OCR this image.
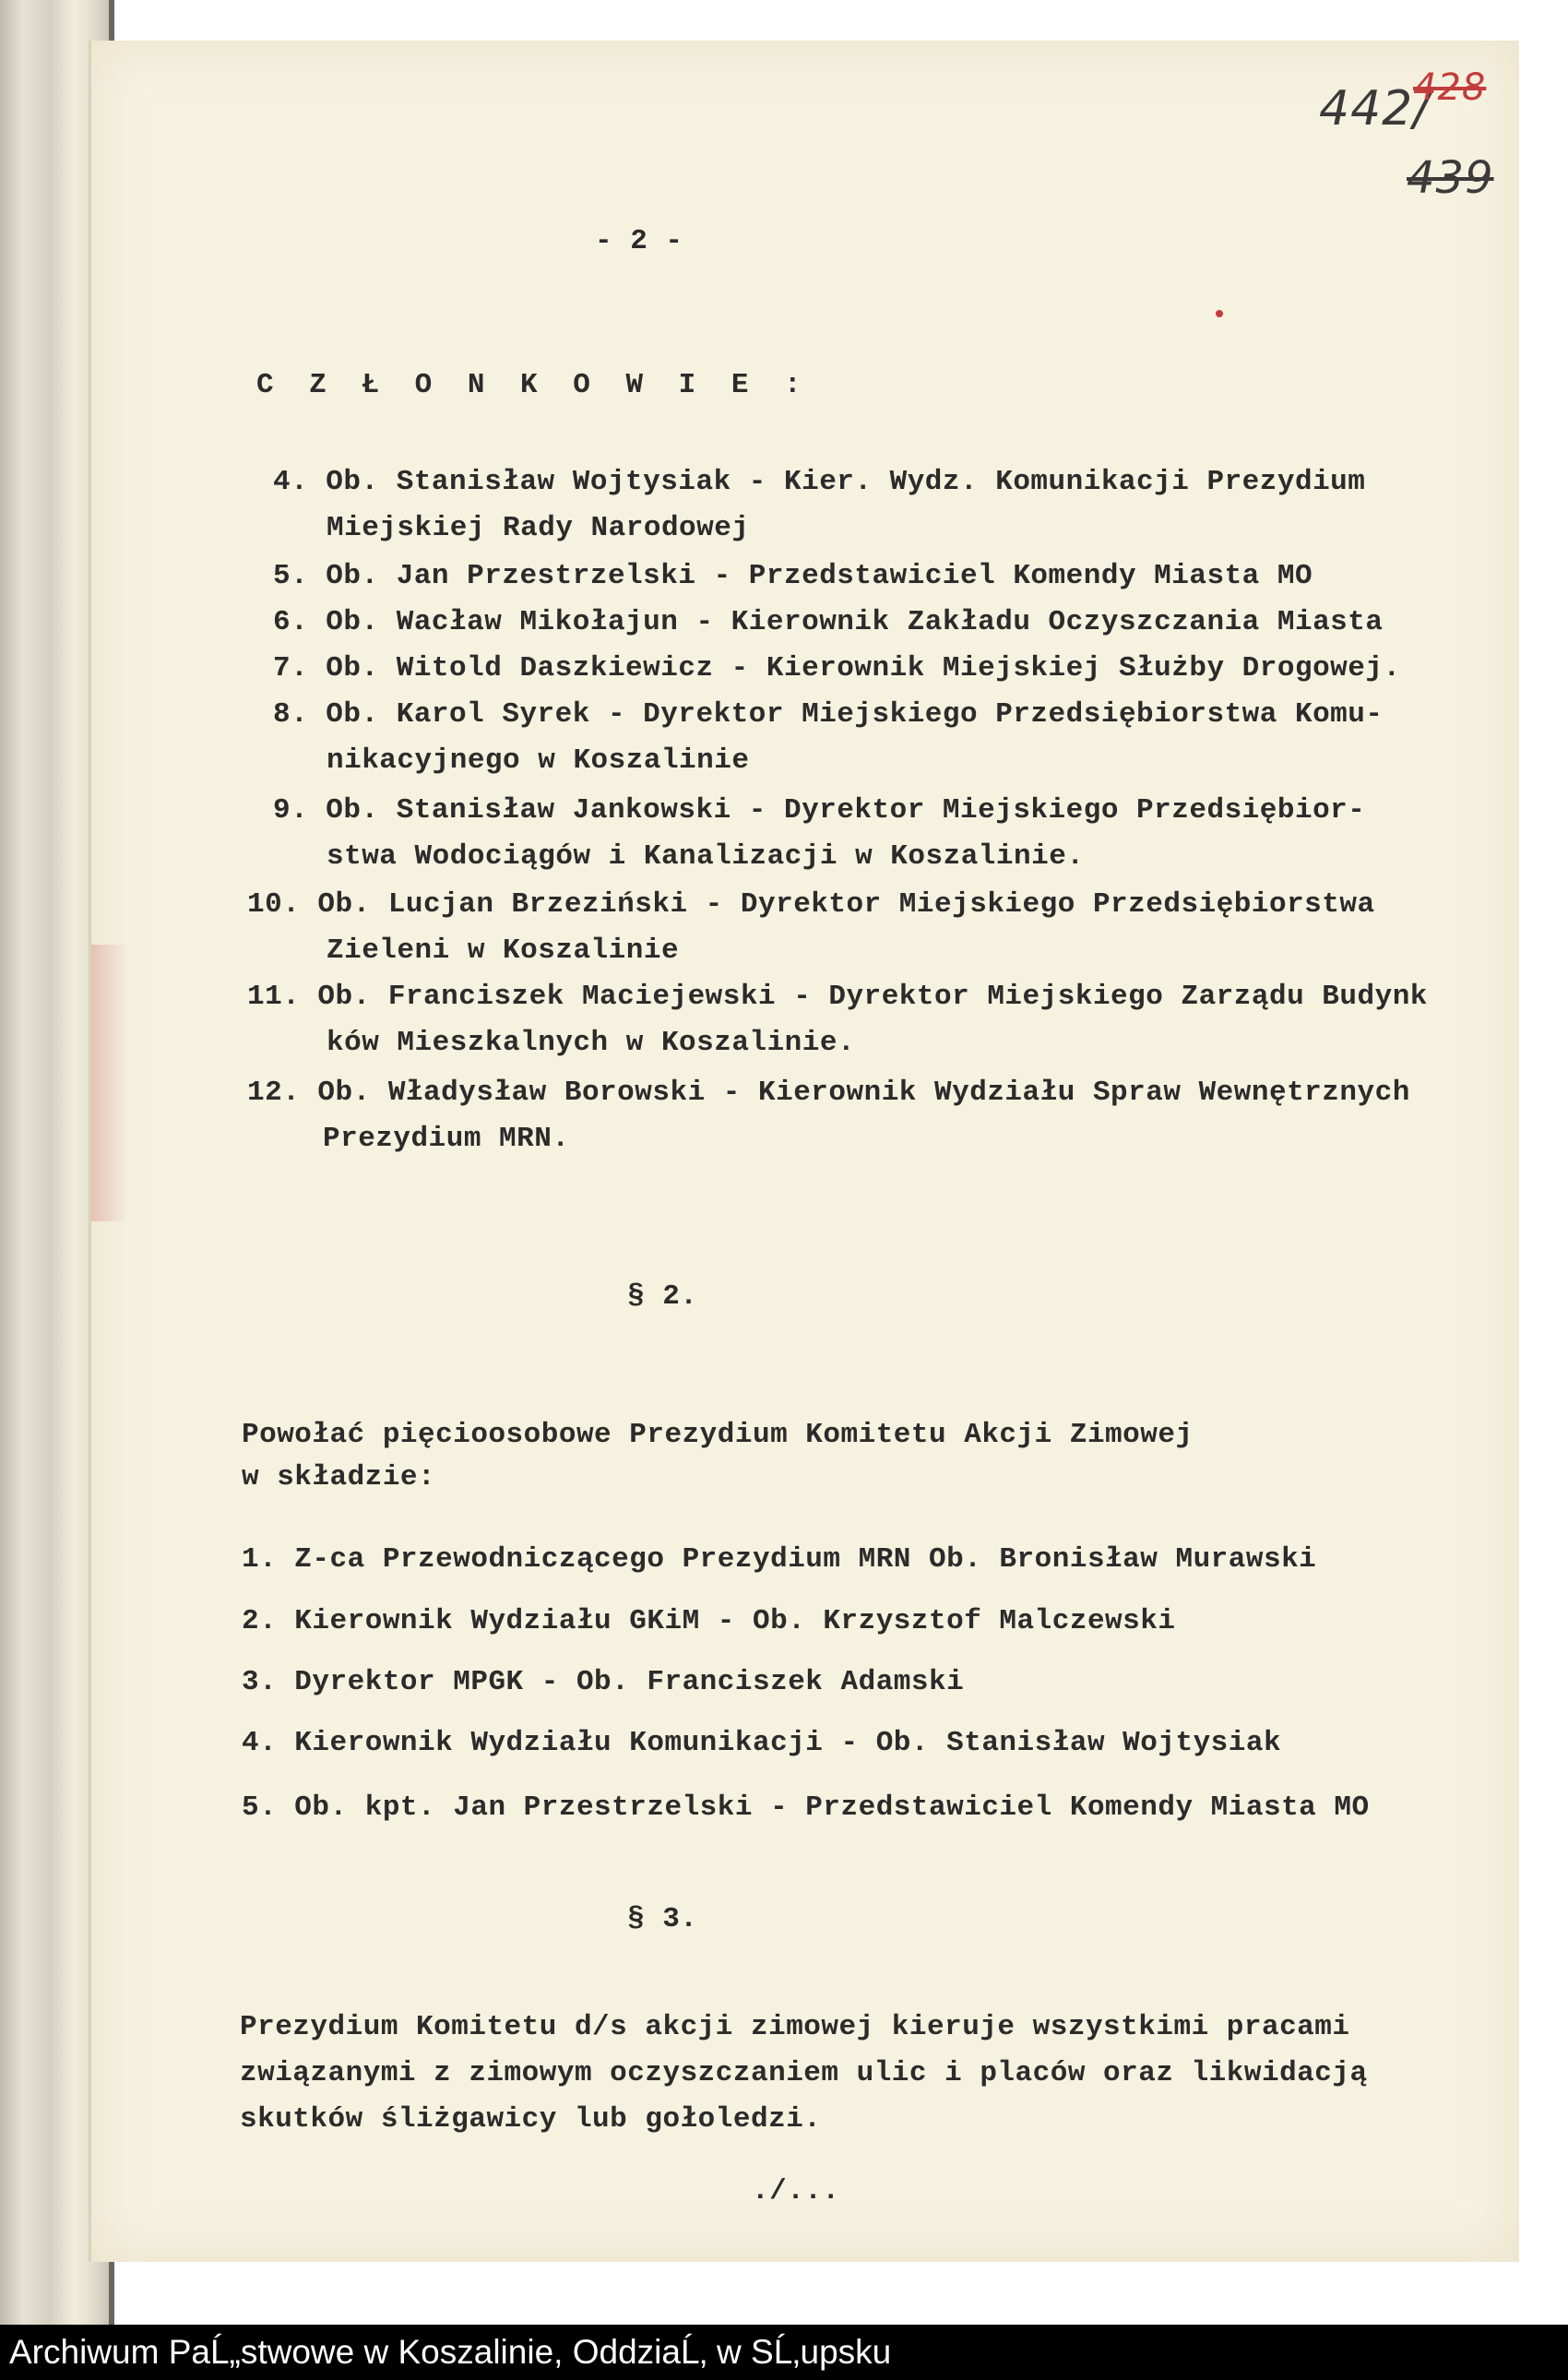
442/
428
439
- 2 -
C Z Ł O N K O W I E :
4. Ob. Stanisław Wojtysiak - Kier. Wydz. Komunikacji Prezydium
Miejskiej Rady Narodowej
5. Ob. Jan Przestrzelski - Przedstawiciel Komendy Miasta MO
6. Ob. Wacław Mikołajun - Kierownik Zakładu Oczyszczania Miasta
7. Ob. Witold Daszkiewicz - Kierownik Miejskiej Służby Drogowej.
8. Ob. Karol Syrek - Dyrektor Miejskiego Przedsiębiorstwa Komu-
nikacyjnego w Koszalinie
9. Ob. Stanisław Jankowski - Dyrektor Miejskiego Przedsiębior-
stwa Wodociągów i Kanalizacji w Koszalinie.
10. Ob. Lucjan Brzeziński - Dyrektor Miejskiego Przedsiębiorstwa
Zieleni w Koszalinie
11. Ob. Franciszek Maciejewski - Dyrektor Miejskiego Zarządu Budynk
ków Mieszkalnych w Koszalinie.
12. Ob. Władysław Borowski - Kierownik Wydziału Spraw Wewnętrznych
Prezydium MRN.
§ 2.
Powołać pięcioosobowe Prezydium Komitetu Akcji Zimowej
w składzie:
1. Z-ca Przewodniczącego Prezydium MRN Ob. Bronisław Murawski
2. Kierownik Wydziału GKiM - Ob. Krzysztof Malczewski
3. Dyrektor MPGK - Ob. Franciszek Adamski
4. Kierownik Wydziału Komunikacji - Ob. Stanisław Wojtysiak
5. Ob. kpt. Jan Przestrzelski - Przedstawiciel Komendy Miasta MO
§ 3.
Prezydium Komitetu d/s akcji zimowej kieruje wszystkimi pracami
związanymi z zimowym oczyszczaniem ulic i placów oraz likwidacją
skutków śliżgawicy lub gołoledzi.
./...
Archiwum PaĹ„stwowe w Koszalinie, OddziaĹ‚ w SĹ‚upsku
